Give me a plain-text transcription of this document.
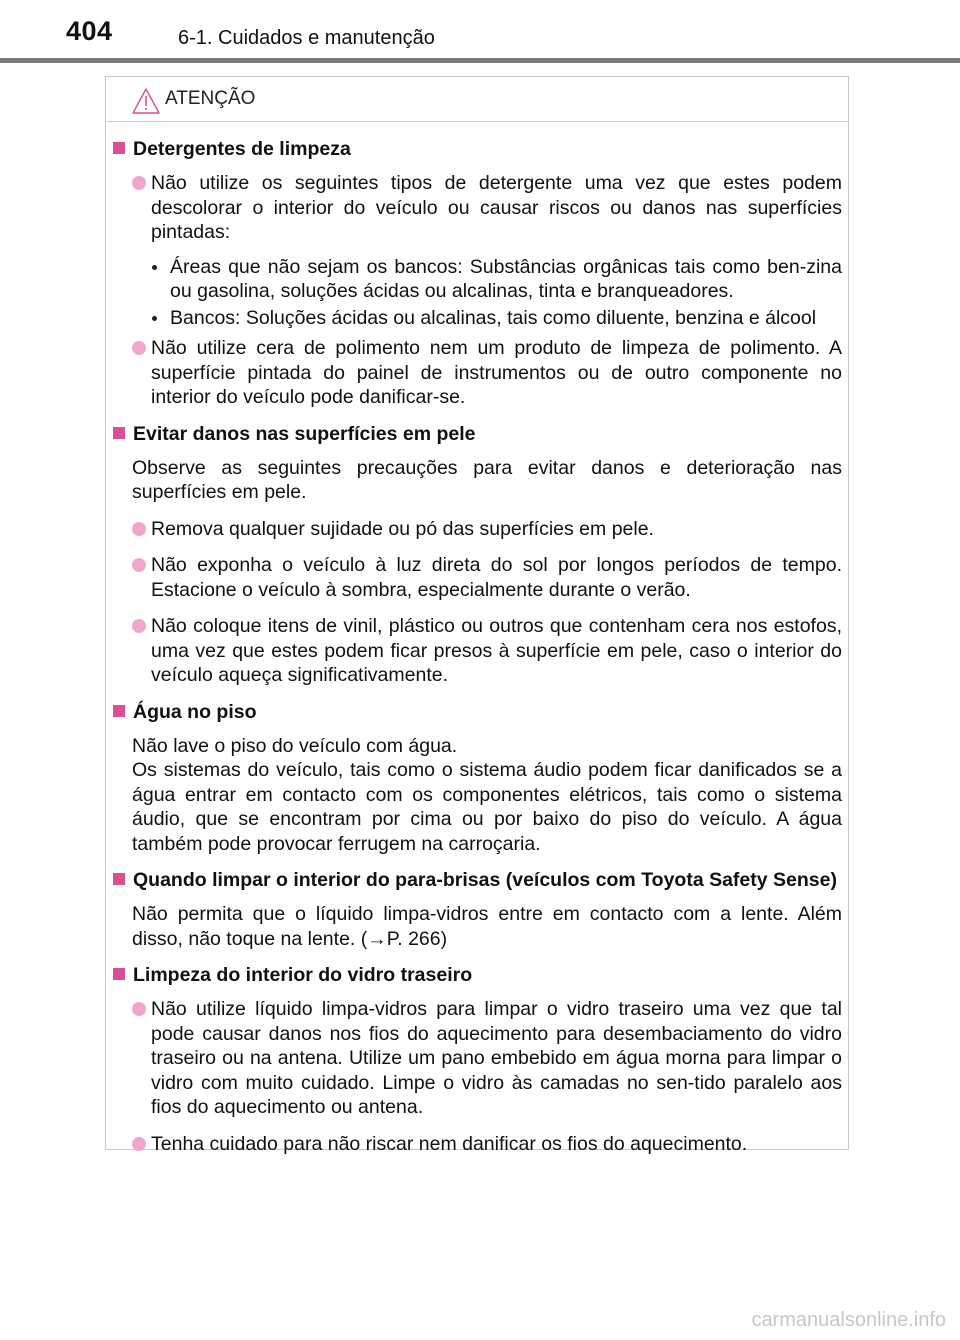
404	6-1. Cuidados e manutenção
ATENÇÃO
Detergentes de limpeza
Não utilize os seguintes tipos de detergente uma vez que estes podem descolorar o interior do veículo ou causar riscos ou danos nas superfícies pintadas:
Áreas que não sejam os bancos: Substâncias orgânicas tais como ben-zina ou gasolina, soluções ácidas ou alcalinas, tinta e branqueadores.
Bancos: Soluções ácidas ou alcalinas, tais como diluente, benzina e álcool
Não utilize cera de polimento nem um produto de limpeza de polimento. A superfície pintada do painel de instrumentos ou de outro componente no interior do veículo pode danificar-se.
Evitar danos nas superfícies em pele
Observe as seguintes precauções para evitar danos e deterioração nas superfícies em pele.
Remova qualquer sujidade ou pó das superfícies em pele.
Não exponha o veículo à luz direta do sol por longos períodos de tempo. Estacione o veículo à sombra, especialmente durante o verão.
Não coloque itens de vinil, plástico ou outros que contenham cera nos estofos, uma vez que estes podem ficar presos à superfície em pele, caso o interior do veículo aqueça significativamente.
Água no piso
Não lave o piso do veículo com água.
Os sistemas do veículo, tais como o sistema áudio podem ficar danificados se a água entrar em contacto com os componentes elétricos, tais como o sistema áudio, que se encontram por cima ou por baixo do piso do veículo. A água também pode provocar ferrugem na carroçaria.
Quando limpar o interior do para-brisas (veículos com Toyota Safety Sense)
Não permita que o líquido limpa-vidros entre em contacto com a lente. Além disso, não toque na lente. (→P. 266)
Limpeza do interior do vidro traseiro
Não utilize líquido limpa-vidros para limpar o vidro traseiro uma vez que tal pode causar danos nos fios do aquecimento para desembaciamento do vidro traseiro ou na antena. Utilize um pano embebido em água morna para limpar o vidro com muito cuidado. Limpe o vidro às camadas no sen-tido paralelo aos fios do aquecimento ou antena.
Tenha cuidado para não riscar nem danificar os fios do aquecimento.
carmanualsonline.info
